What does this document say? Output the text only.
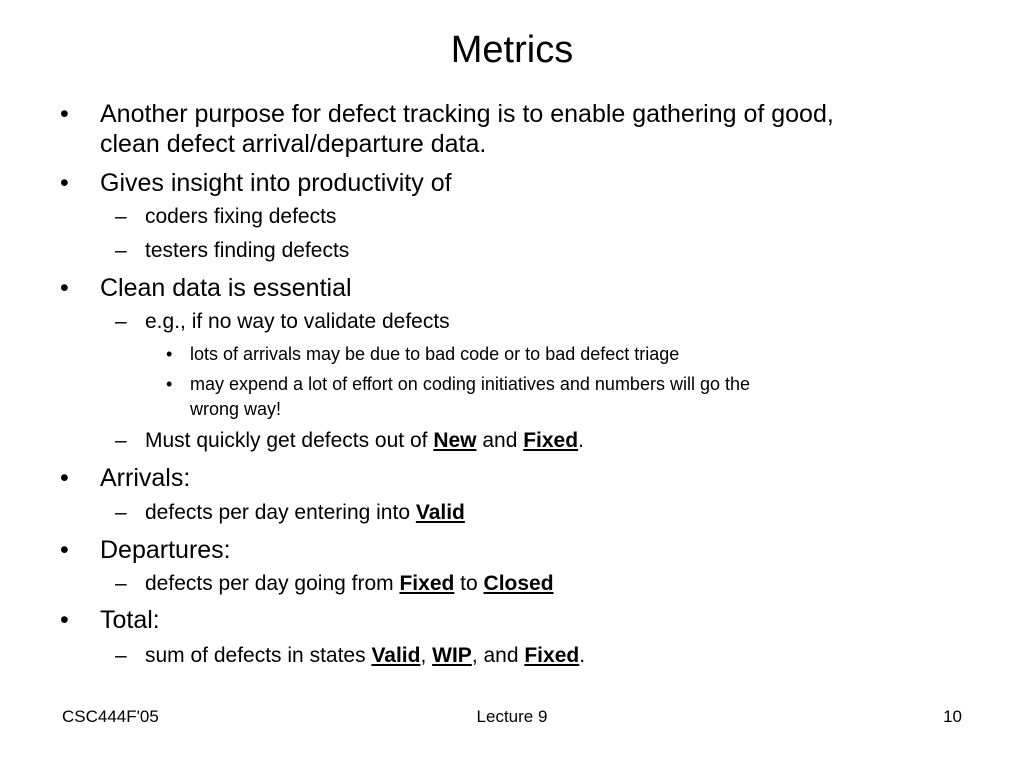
Metrics
• Another purpose for defect tracking is to enable gathering of good,
clean defect arrival/departure data.
• Gives insight into productivity of
– coders fixing defects
– testers finding defects
• Clean data is essential
– e.g., if no way to validate defects
• lots of arrivals may be due to bad code or to bad defect triage
• may expend a lot of effort on coding initiatives and numbers will go the
wrong way!
– Must quickly get defects out of New and Fixed.
• Arrivals:
– defects per day entering into Valid
• Departures:
– defects per day going from Fixed to Closed
• Total:
– sum of defects in states Valid, WIP, and Fixed.
CSC444F'05	Lecture 9	10
